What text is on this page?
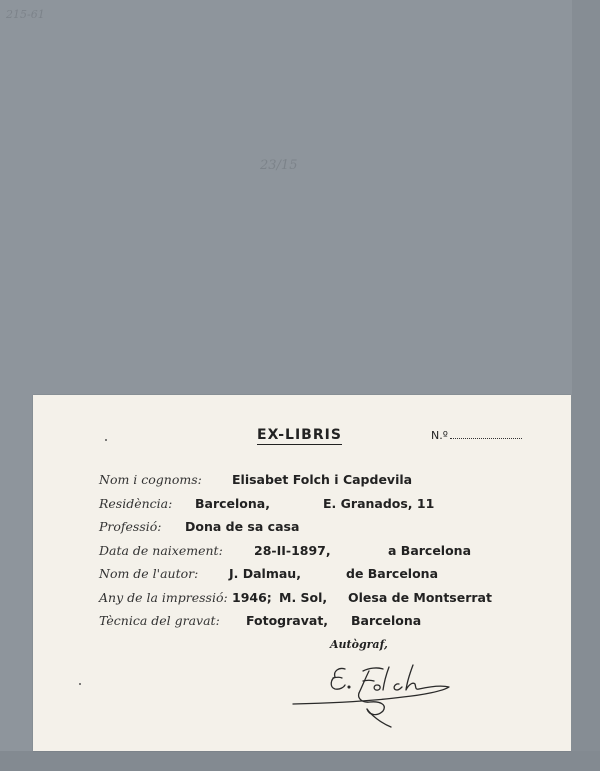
215-61
23/15
EX-LIBRIS	N.º
Nom i cognoms: Elisabet Folch i Capdevila
Residència: Barcelona,	E. Granados, 11
Professió: Dona de sa casa
Data de naixement: 28-II-1897,	a Barcelona
Nom de l'autor: J. Dalmau,	de Barcelona
Any de la impressió: 1946; M. Sol, Olesa de Montserrat
Tècnica del gravat: Fotogravat, Barcelona
Autògraf,
